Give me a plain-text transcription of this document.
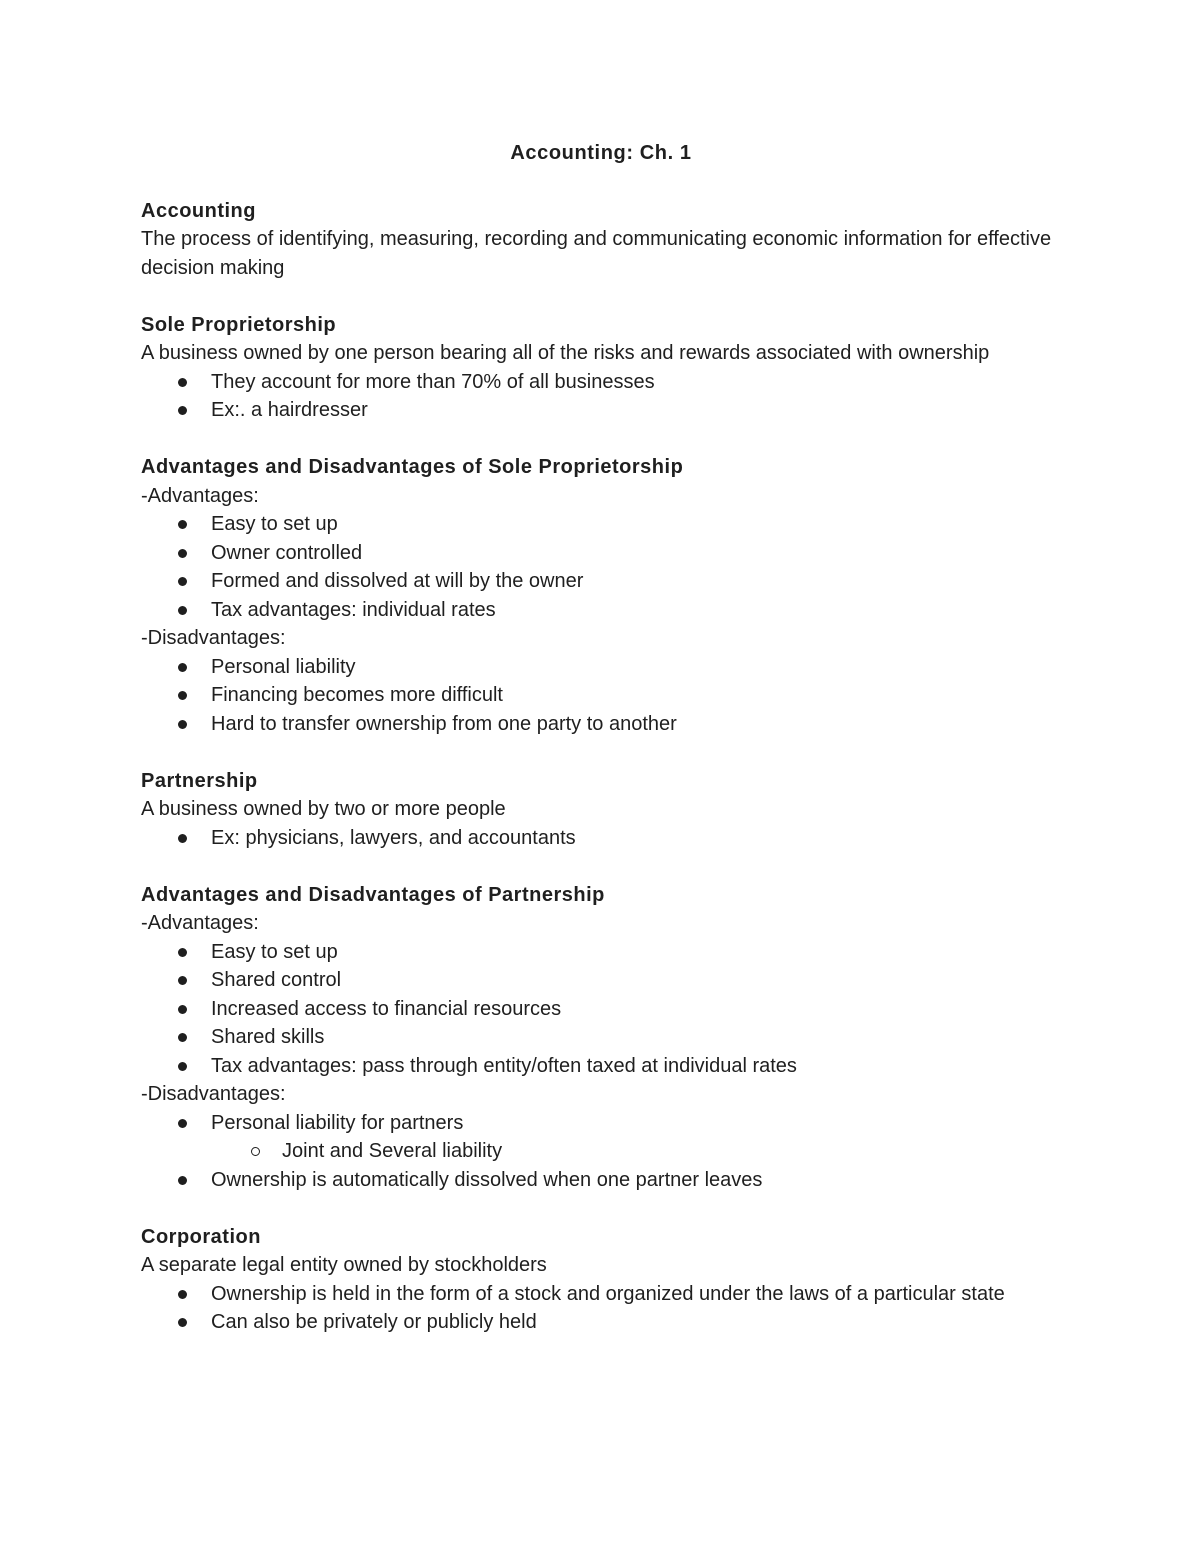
Accounting: Ch. 1
Accounting
The process of identifying, measuring, recording and communicating economic information for effective decision making
Sole Proprietorship
A business owned by one person bearing all of the risks and rewards associated with ownership
They account for more than 70% of all businesses
Ex:. a hairdresser
Advantages and Disadvantages of Sole Proprietorship
-Advantages:
Easy to set up
Owner controlled
Formed and dissolved at will by the owner
Tax advantages: individual rates
-Disadvantages:
Personal liability
Financing becomes more difficult
Hard to transfer ownership from one party to another
Partnership
A business owned by two or more people
Ex: physicians, lawyers, and accountants
Advantages and Disadvantages of Partnership
-Advantages:
Easy to set up
Shared control
Increased access to financial resources
Shared skills
Tax advantages: pass through entity/often taxed at individual rates
-Disadvantages:
Personal liability for partners
Joint and Several liability
Ownership is automatically dissolved when one partner leaves
Corporation
A separate legal entity owned by stockholders
Ownership is held in the form of a stock and organized under the laws of a particular state
Can also be privately or publicly held
